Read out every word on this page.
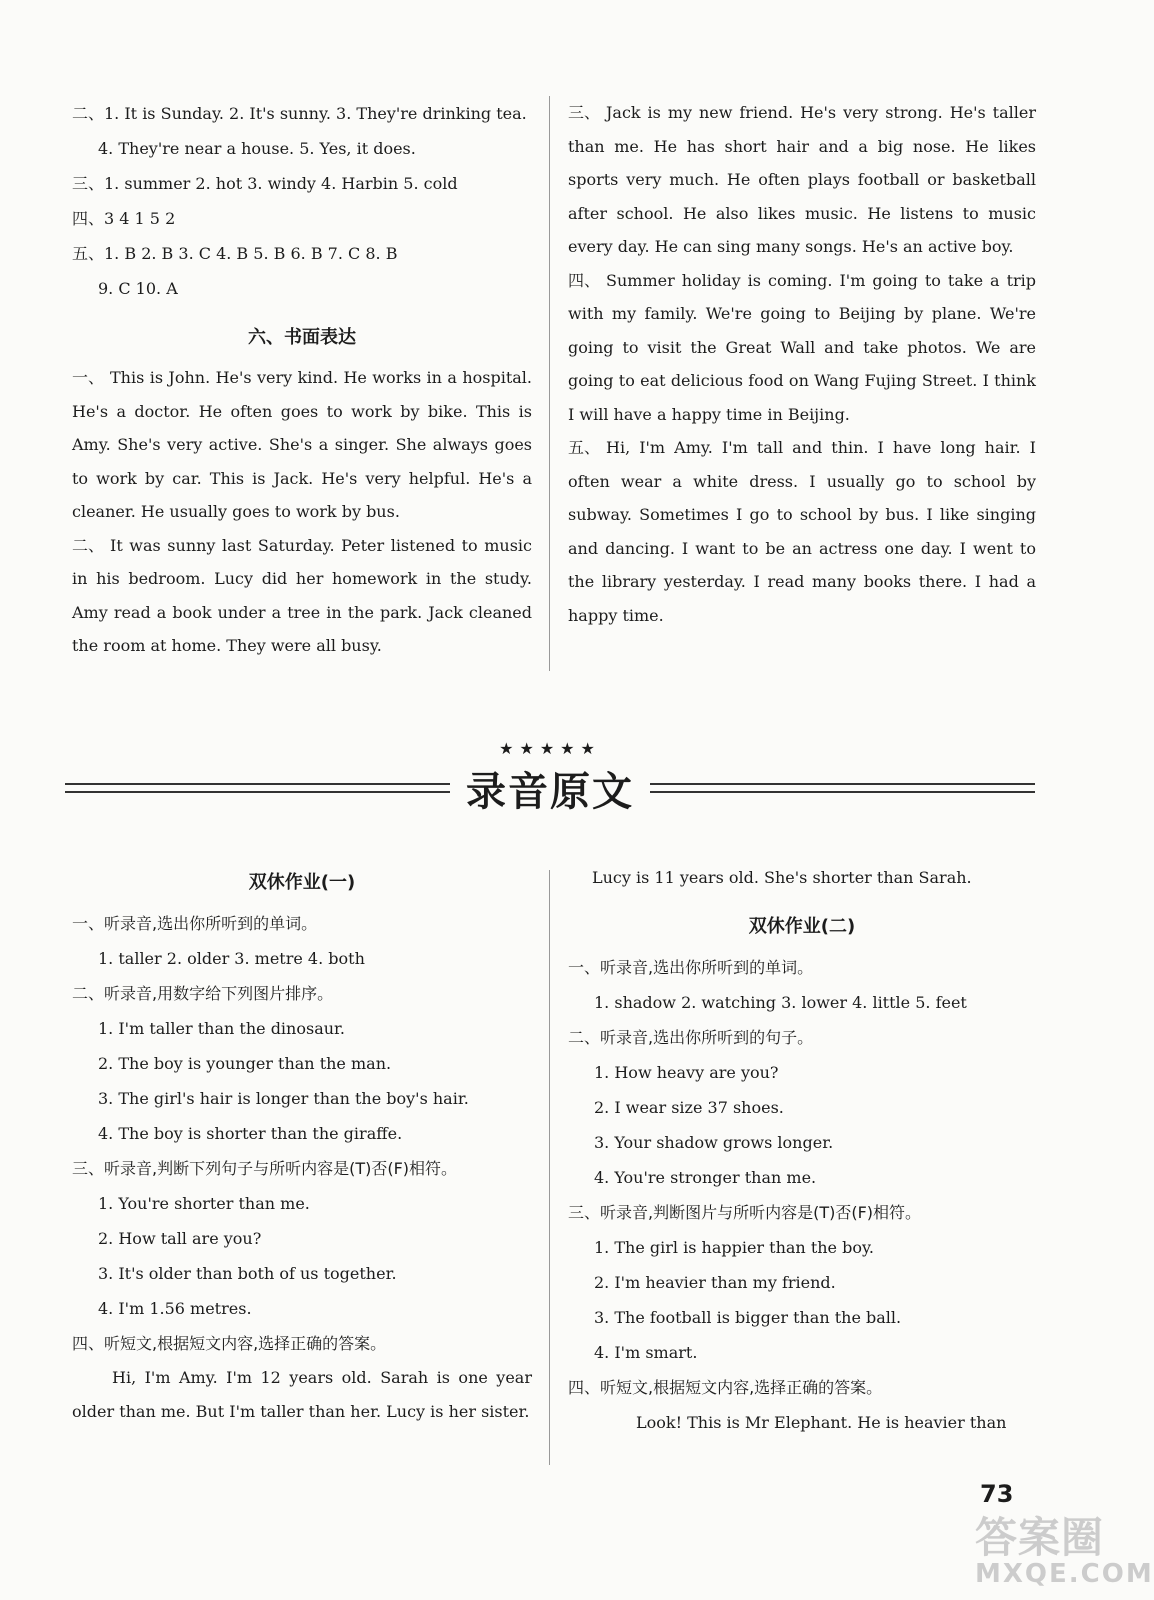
二、1. It is Sunday. 2. It's sunny. 3. They're drinking tea.
4. They're near a house. 5. Yes, it does.
三、1. summer 2. hot 3. windy 4. Harbin 5. cold
四、3 4 1 5 2
五、1. B 2. B 3. C 4. B 5. B 6. B 7. C 8. B
9. C 10. A
六、书面表达
一、 This is John. He's very kind. He works in a hospital. He's a doctor. He often goes to work by bike. This is Amy. She's very active. She's a singer. She always goes to work by car. This is Jack. He's very helpful. He's a cleaner. He usually goes to work by bus.
二、 It was sunny last Saturday. Peter listened to music in his bedroom. Lucy did her homework in the study. Amy read a book under a tree in the park. Jack cleaned the room at home. They were all busy.
三、 Jack is my new friend. He's very strong. He's taller than me. He has short hair and a big nose. He likes sports very much. He often plays football or basketball after school. He also likes music. He listens to music every day. He can sing many songs. He's an active boy.
四、 Summer holiday is coming. I'm going to take a trip with my family. We're going to Beijing by plane. We're going to visit the Great Wall and take photos. We are going to eat delicious food on Wang Fujing Street. I think I will have a happy time in Beijing.
五、 Hi, I'm Amy. I'm tall and thin. I have long hair. I often wear a white dress. I usually go to school by subway. Sometimes I go to school by bus. I like singing and dancing. I want to be an actress one day. I went to the library yesterday. I read many books there. I had a happy time.
★★★★★
录音原文
双休作业(一)
一、听录音,选出你所听到的单词。
1. taller 2. older 3. metre 4. both
二、听录音,用数字给下列图片排序。
1. I'm taller than the dinosaur.
2. The boy is younger than the man.
3. The girl's hair is longer than the boy's hair.
4. The boy is shorter than the giraffe.
三、听录音,判断下列句子与所听内容是(T)否(F)相符。
1. You're shorter than me.
2. How tall are you?
3. It's older than both of us together.
4. I'm 1.56 metres.
四、听短文,根据短文内容,选择正确的答案。
Hi, I'm Amy. I'm 12 years old. Sarah is one year older than me. But I'm taller than her. Lucy is her sister.
Lucy is 11 years old. She's shorter than Sarah.
双休作业(二)
一、听录音,选出你所听到的单词。
1. shadow 2. watching 3. lower 4. little 5. feet
二、听录音,选出你所听到的句子。
1. How heavy are you?
2. I wear size 37 shoes.
3. Your shadow grows longer.
4. You're stronger than me.
三、听录音,判断图片与所听内容是(T)否(F)相符。
1. The girl is happier than the boy.
2. I'm heavier than my friend.
3. The football is bigger than the ball.
4. I'm smart.
四、听短文,根据短文内容,选择正确的答案。
Look! This is Mr Elephant. He is heavier than
73
答案圈
MXQE.COM
